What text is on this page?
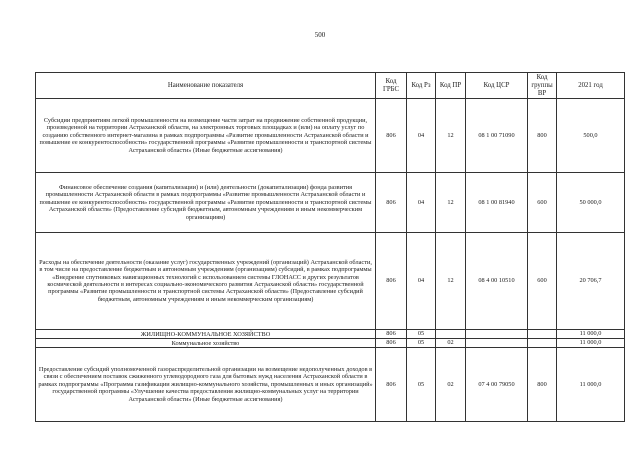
500
Наименование показателя	Код ГРБС	Код Рз	Код ПР	Код ЦСР	Код группы ВР	2021 год
Субсидии предприятиям легкой промышленности на возмещение части затрат на продвижение собственной продукции, произведенной на территории Астраханской области, на электронных торговых площадках и (или) на оплату услуг по созданию собственного интернет-магазина в рамках подпрограммы «Развитие промышленности Астраханской области и повышение ее конкурентоспособности» государственной программы «Развитие промышленности и транспортной системы Астраханской области» (Иные бюджетные ассигнования)	806	04	12	08 1 00 71090	800	500,0
Финансовое обеспечение создания (капитализации) и (или) деятельности (докапитализации) фонда развития промышленности Астраханской области в рамках подпрограммы «Развитие промышленности Астраханской области и повышение ее конкурентоспособности» государственной программы «Развитие промышленности и транспортной системы Астраханской области» (Предоставление субсидий бюджетным, автономным учреждениям и иным некоммерческим организациям)	806	04	12	08 1 00 81940	600	50 000,0
Расходы на обеспечение деятельности (оказание услуг) государственных учреждений (организаций) Астраханской области, в том числе на предоставление бюджетным и автономным учреждениям (организациям) субсидий, в рамках подпрограммы «Внедрение спутниковых навигационных технологий с использованием системы ГЛОНАСС и других результатов космической деятельности в интересах социально-экономического развития Астраханской области» государственной программы «Развитие промышленности и транспортной системы Астраханской области» (Предоставление субсидий бюджетным, автономным учреждениям и иным некоммерческим организациям)	806	04	12	08 4 00 10510	600	20 706,7
ЖИЛИЩНО-КОММУНАЛЬНОЕ ХОЗЯЙСТВО	806	05				11 000,0
Коммунальное хозяйство	806	05	02			11 000,0
Предоставление субсидий уполномоченной газораспределительной организации на возмещение недополученных доходов в связи с обеспечением поставок сжиженного углеводородного газа для бытовых нужд населения Астраханской области в рамках подпрограммы «Программа газификации жилищно-коммунального хозяйства, промышленных и иных организаций» государственной программы «Улучшение качества предоставления жилищно-коммунальных услуг на территории Астраханской области» (Иные бюджетные ассигнования)	806	05	02	07 4 00 79050	800	11 000,0
